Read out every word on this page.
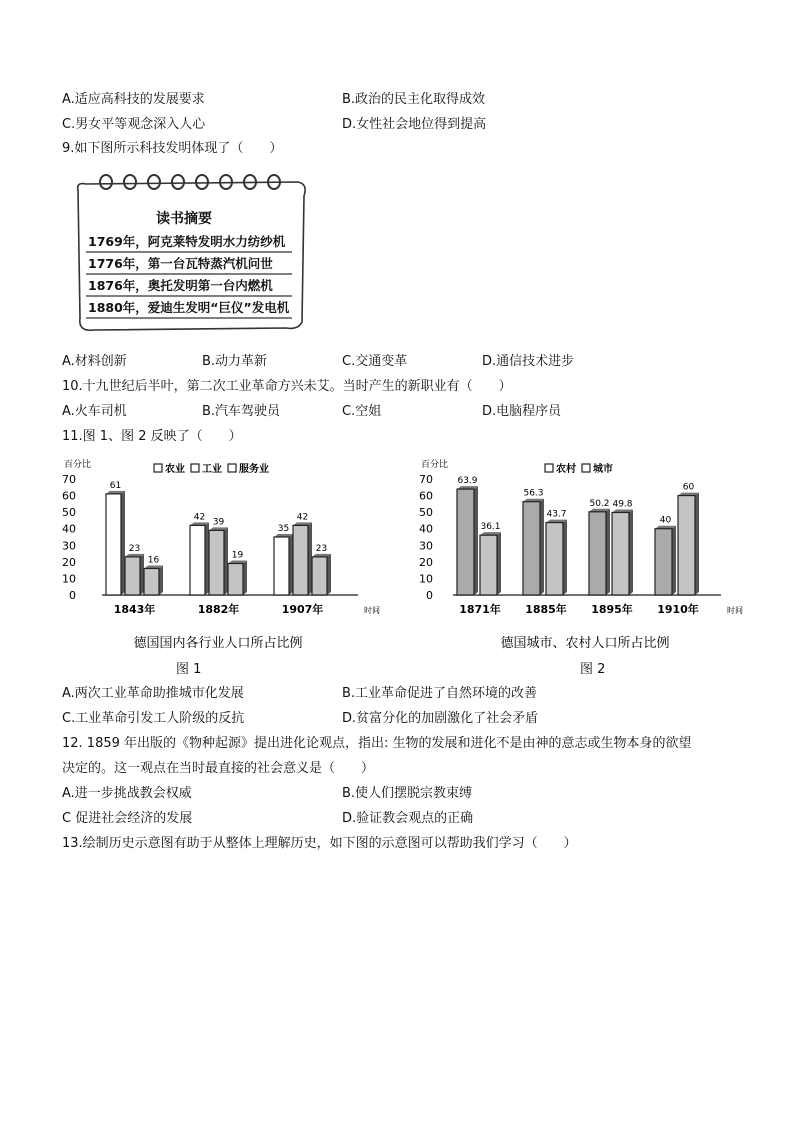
A.适应高科技的发展要求	B.政治的民主化取得成效
C.男女平等观念深入人心	D.女性社会地位得到提高
9.如下图所示科技发明体现了（　　）
读书摘要
1769年，阿克莱特发明水力纺纱机
1776年，第一台瓦特蒸汽机问世
1876年，奥托发明第一台内燃机
1880年，爱迪生发明“巨仪”发电机
A.材料创新	B.动力革新	C.交通变革	D.通信技术进步
10.十九世纪后半叶，第二次工业革命方兴未艾。当时产生的新职业有（　　）
A.火车司机	B.汽车驾驶员	C.空姐	D.电脑程序员
11.图 1、图 2 反映了（　　）
百分比
0
10
20
30
40
50
60
70
农业 工业 服务业
61
23
16
1843年
42 39
19
1882年
35
42
23
1907年	时间
德国国内各行业人口所占比例
百分比
0
10
20
30
40
50
60
70
农村 城市
63.9
36.1
1871年
56.3
43.7
1885年
50.2 49.8
1895年
40
60
1910年	时间
德国城市、农村人口所占比例
图 1	图 2
A.两次工业革命助推城市化发展	B.工业革命促进了自然环境的改善
C.工业革命引发工人阶级的反抗	D.贫富分化的加剧激化了社会矛盾
12. 1859 年出版的《物种起源》提出进化论观点，指出: 生物的发展和进化不是由神的意志或生物本身的欲望
决定的。这一观点在当时最直接的社会意义是（　　）
A.进一步挑战教会权威	B.使人们摆脱宗教束缚
C 促进社会经济的发展	D.验证教会观点的正确
13.绘制历史示意图有助于从整体上理解历史，如下图的示意图可以帮助我们学习（　　）
